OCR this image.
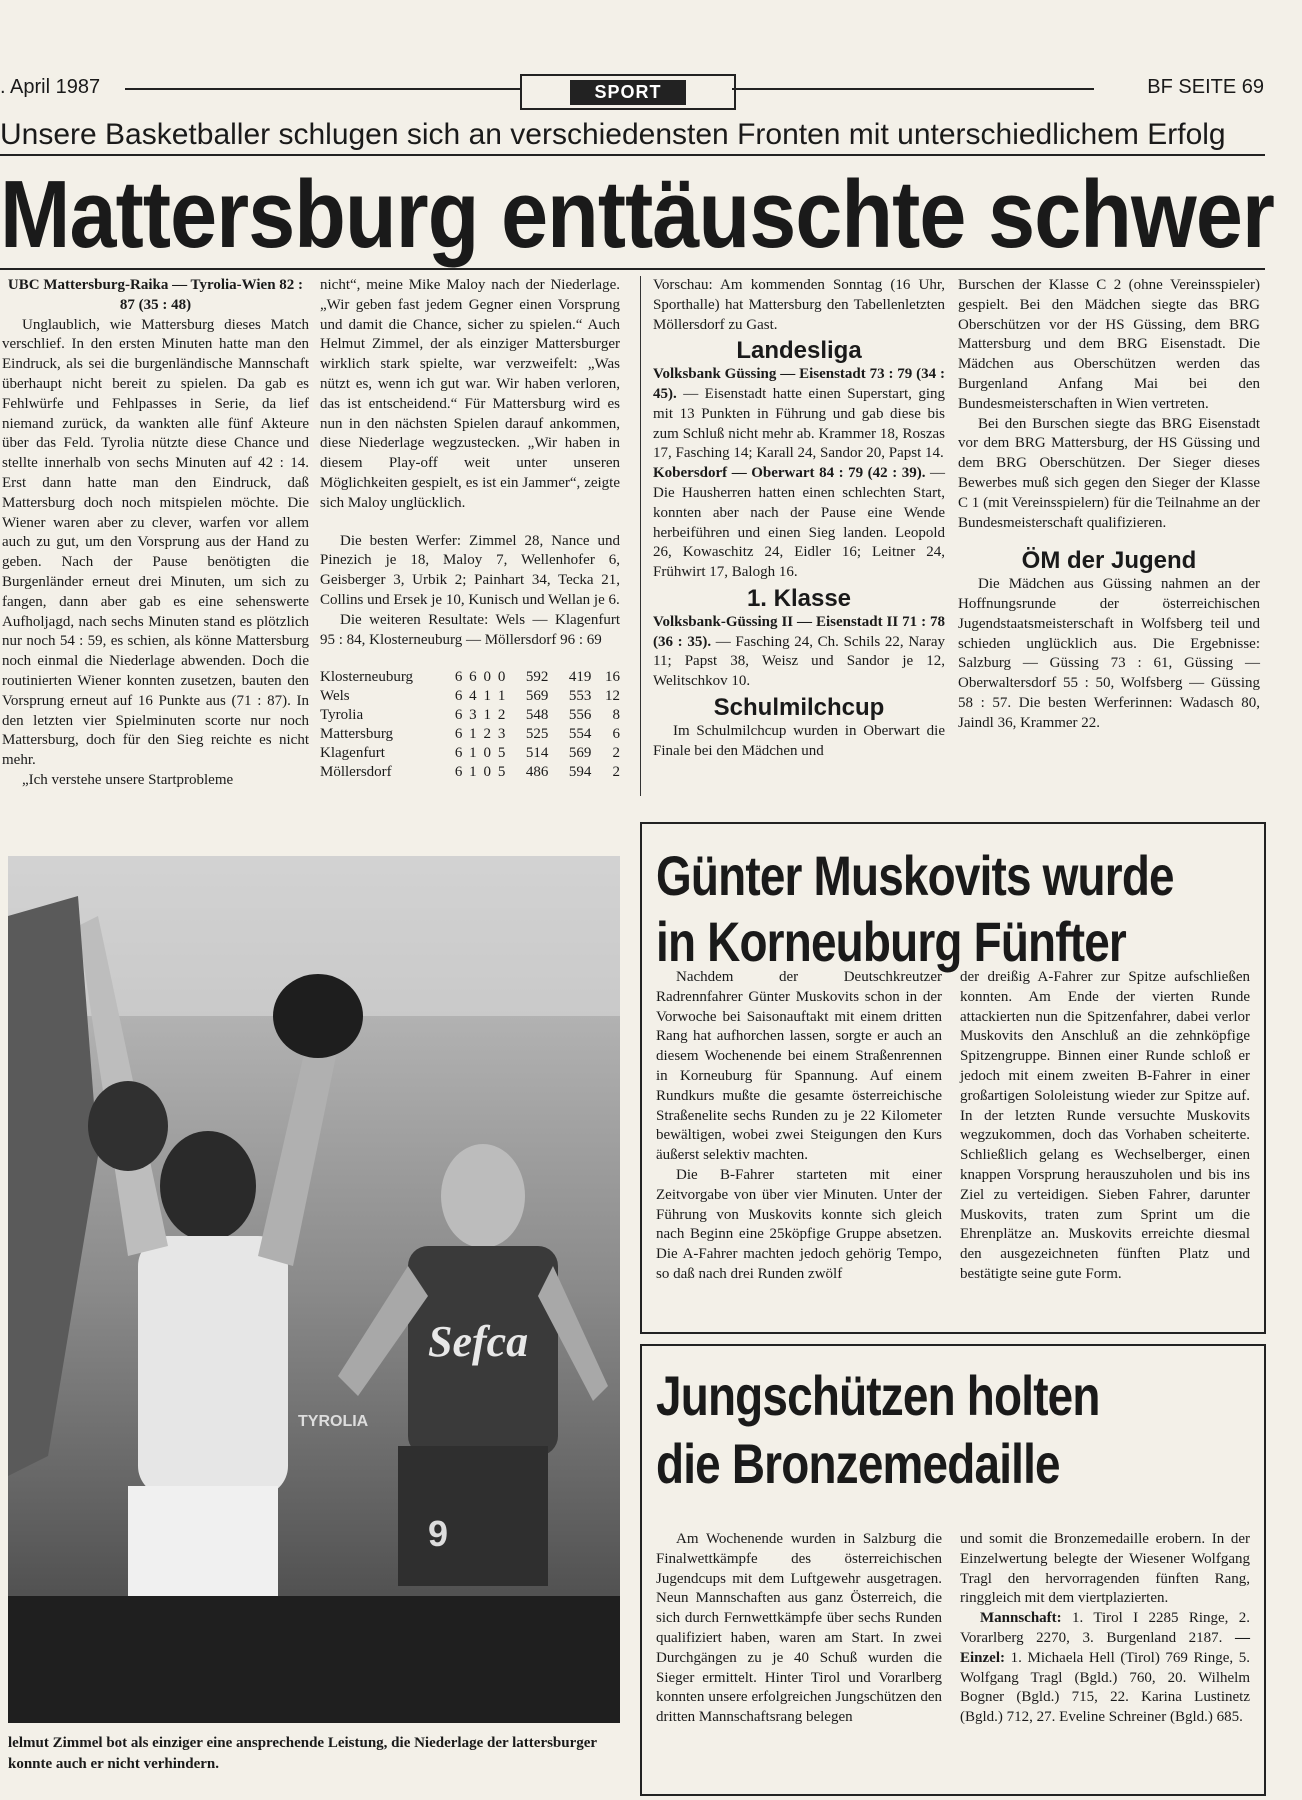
. April 1987	SPORT	BF SEITE 69
Unsere Basketballer schlugen sich an verschiedensten Fronten mit unterschiedlichem Erfolg
Mattersburg enttäuschte schwer

UBC Mattersburg-Raika — Tyrolia-Wien 82 : 87 (35 : 48)

Unglaublich, wie Mattersburg dieses Match verschlief. In den ersten Minuten hatte man den Eindruck, als sei die burgenländische Mannschaft überhaupt nicht bereit zu spielen. Da gab es Fehlwürfe und Fehlpasses in Serie, da lief niemand zurück, da wankten alle fünf Akteure über das Feld. Tyrolia nützte diese Chance und stellte innerhalb von sechs Minuten auf 42 : 14. Erst dann hatte man den Eindruck, daß Mattersburg doch noch mitspielen möchte. Die Wiener waren aber zu clever, warfen vor allem auch zu gut, um den Vorsprung aus der Hand zu geben. Nach der Pause benötigten die Burgenländer erneut drei Minuten, um sich zu fangen, dann aber gab es eine sehenswerte Aufholjagd, nach sechs Minuten stand es plötzlich nur noch 54 : 59, es schien, als könne Mattersburg noch einmal die Niederlage abwenden. Doch die routinierten Wiener konnten zusetzen, bauten den Vorsprung erneut auf 16 Punkte aus (71 : 87). In den letzten vier Spielminuten scorte nur noch Mattersburg, doch für den Sieg reichte es nicht mehr.

„Ich verstehe unsere Startprobleme

nicht“, meine Mike Maloy nach der Niederlage. „Wir geben fast jedem Gegner einen Vorsprung und damit die Chance, sicher zu spielen.“ Auch Helmut Zimmel, der als einziger Mattersburger wirklich stark spielte, war verzweifelt: „Was nützt es, wenn ich gut war. Wir haben verloren, das ist entscheidend.“ Für Mattersburg wird es nun in den nächsten Spielen darauf ankommen, diese Niederlage wegzustecken. „Wir haben in diesem Play-off weit unter unseren Möglichkeiten gespielt, es ist ein Jammer“, zeigte sich Maloy unglücklich.

Die besten Werfer: Zimmel 28, Nance und Pinezich je 18, Maloy 7, Wellenhofer 6, Geisberger 3, Urbik 2; Painhart 34, Tecka 21, Collins und Ersek je 10, Kunisch und Wellan je 6.

Die weiteren Resultate: Wels — Klagenfurt 95 : 84, Klosterneuburg — Möllersdorf 96 : 69

Klosterneuburg	6	6	0	0	592	419	16
Wels	6	4	1	1	569	553	12
Tyrolia	6	3	1	2	548	556	8
Mattersburg	6	1	2	3	525	554	6
Klagenfurt	6	1	0	5	514	569	2
Möllersdorf	6	1	0	5	486	594	2

Vorschau: Am kommenden Sonntag (16 Uhr, Sporthalle) hat Mattersburg den Tabellenletzten Möllersdorf zu Gast.

Landesliga

Volksbank Güssing — Eisenstadt 73 : 79 (34 : 45). — Eisenstadt hatte einen Superstart, ging mit 13 Punkten in Führung und gab diese bis zum Schluß nicht mehr ab. Krammer 18, Roszas 17, Fasching 14; Karall 24, Sandor 20, Papst 14.

Kobersdorf — Oberwart 84 : 79 (42 : 39). — Die Hausherren hatten einen schlechten Start, konnten aber nach der Pause eine Wende herbeiführen und einen Sieg landen. Leopold 26, Kowaschitz 24, Eidler 16; Leitner 24, Frühwirt 17, Balogh 16.

1. Klasse

Volksbank-Güssing II — Eisenstadt II 71 : 78 (36 : 35). — Fasching 24, Ch. Schils 22, Naray 11; Papst 38, Weisz und Sandor je 12, Welitschkov 10.

Schulmilchcup

Im Schulmilchcup wurden in Oberwart die Finale bei den Mädchen und

Burschen der Klasse C 2 (ohne Vereinsspieler) gespielt. Bei den Mädchen siegte das BRG Oberschützen vor der HS Güssing, dem BRG Mattersburg und dem BRG Eisenstadt. Die Mädchen aus Oberschützen werden das Burgenland Anfang Mai bei den Bundesmeisterschaften in Wien vertreten.

Bei den Burschen siegte das BRG Eisenstadt vor dem BRG Mattersburg, der HS Güssing und dem BRG Oberschützen. Der Sieger dieses Bewerbes muß sich gegen den Sieger der Klasse C 1 (mit Vereinsspielern) für die Teilnahme an der Bundesmeisterschaft qualifizieren.

ÖM der Jugend

Die Mädchen aus Güssing nahmen an der Hoffnungsrunde der österreichischen Jugendstaatsmeisterschaft in Wolfsberg teil und schieden unglücklich aus. Die Ergebnisse: Salzburg — Güssing 73 : 61, Güssing — Oberwaltersdorf 55 : 50, Wolfsberg — Güssing 58 : 57. Die besten Werferinnen: Wadasch 80, Jaindl 36, Krammer 22.

Sefca
TYROLIA
9
lelmut Zimmel bot als einziger eine ansprechende Leistung, die Niederlage der lattersburger konnte auch er nicht verhindern.
Günter Muskovits wurde
in Korneuburg Fünfter

Nachdem der Deutschkreutzer Radrennfahrer Günter Muskovits schon in der Vorwoche bei Saisonauftakt mit einem dritten Rang hat aufhorchen lassen, sorgte er auch an diesem Wochenende bei einem Straßenrennen in Korneuburg für Spannung. Auf einem Rundkurs mußte die gesamte österreichische Straßenelite sechs Runden zu je 22 Kilometer bewältigen, wobei zwei Steigungen den Kurs äußerst selektiv machten.

Die B-Fahrer starteten mit einer Zeitvorgabe von über vier Minuten. Unter der Führung von Muskovits konnte sich gleich nach Beginn eine 25köpfige Gruppe absetzen. Die A-Fahrer machten jedoch gehörig Tempo, so daß nach drei Runden zwölf

der dreißig A-Fahrer zur Spitze aufschließen konnten. Am Ende der vierten Runde attackierten nun die Spitzenfahrer, dabei verlor Muskovits den Anschluß an die zehnköpfige Spitzengruppe. Binnen einer Runde schloß er jedoch mit einem zweiten B-Fahrer in einer großartigen Sololeistung wieder zur Spitze auf. In der letzten Runde versuchte Muskovits wegzukommen, doch das Vorhaben scheiterte. Schließlich gelang es Wechselberger, einen knappen Vorsprung herauszuholen und bis ins Ziel zu verteidigen. Sieben Fahrer, darunter Muskovits, traten zum Sprint um die Ehrenplätze an. Muskovits erreichte diesmal den ausgezeichneten fünften Platz und bestätigte seine gute Form.

Jungschützen holten
die Bronzemedaille

Am Wochenende wurden in Salzburg die Finalwettkämpfe des österreichischen Jugendcups mit dem Luftgewehr ausgetragen. Neun Mannschaften aus ganz Österreich, die sich durch Fernwettkämpfe über sechs Runden qualifiziert haben, waren am Start. In zwei Durchgängen zu je 40 Schuß wurden die Sieger ermittelt. Hinter Tirol und Vorarlberg konnten unsere erfolgreichen Jungschützen den dritten Mannschaftsrang belegen

und somit die Bronzemedaille erobern. In der Einzelwertung belegte der Wiesener Wolfgang Tragl den hervorragenden fünften Rang, ringgleich mit dem viertplazierten.

Mannschaft: 1. Tirol I 2285 Ringe, 2. Vorarlberg 2270, 3. Burgenland 2187. — Einzel: 1. Michaela Hell (Tirol) 769 Ringe, 5. Wolfgang Tragl (Bgld.) 760, 20. Wilhelm Bogner (Bgld.) 715, 22. Karina Lustinetz (Bgld.) 712, 27. Eveline Schreiner (Bgld.) 685.
